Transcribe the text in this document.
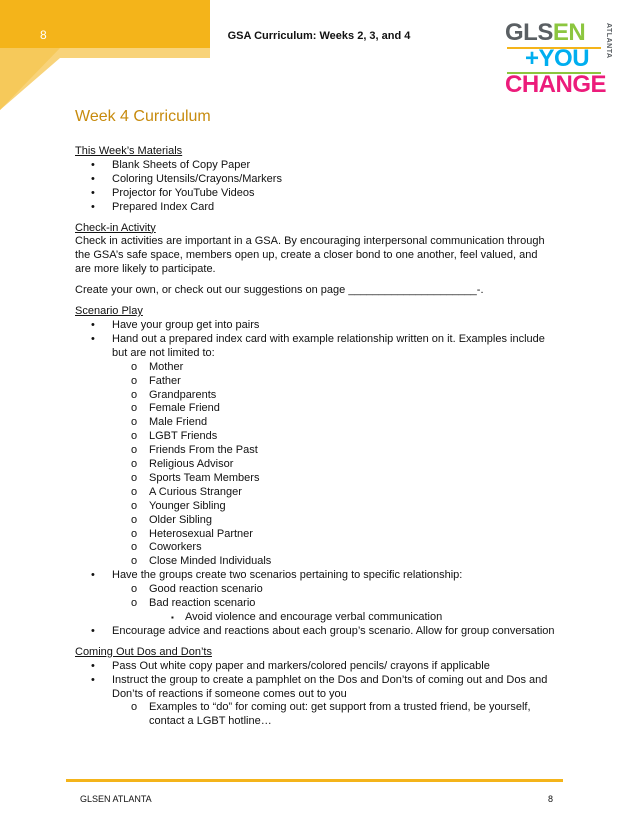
8	GSA Curriculum: Weeks 2, 3, and 4	GLSEN
+YOU
CHANGE
ATLANTA
Week 4 Curriculum

This Week’s Materials

• Blank Sheets of Copy Paper
• Coloring Utensils/Crayons/Markers
• Projector for YouTube Videos
• Prepared Index Card

Check-in Activity

Check in activities are important in a GSA. By encouraging interpersonal communication through the GSA’s safe space, members open up, create a closer bond to one another, feel valued, and are more likely to participate.

Create your own, or check out our suggestions on page _____________________-.

Scenario Play

• Have your group get into pairs
• Hand out a prepared index card with example relationship written on it. Examples include but are not limited to:
o Mother
o Father
o Grandparents
o Female Friend
o Male Friend
o LGBT Friends
o Friends From the Past
o Religious Advisor
o Sports Team Members
o A Curious Stranger
o Younger Sibling
o Older Sibling
o Heterosexual Partner
o Coworkers
o Close Minded Individuals
• Have the groups create two scenarios pertaining to specific relationship:
o Good reaction scenario
o Bad reaction scenario
▪ Avoid violence and encourage verbal communication
• Encourage advice and reactions about each group’s scenario. Allow for group conversation

Coming Out Dos and Don’ts

• Pass Out white copy paper and markers/colored pencils/ crayons if applicable
• Instruct the group to create a pamphlet on the Dos and Don’ts of coming out and Dos and Don’ts of reactions if someone comes out to you
o Examples to “do” for coming out: get support from a trusted friend, be yourself, contact a LGBT hotline…
GLSEN ATLANTA	8
